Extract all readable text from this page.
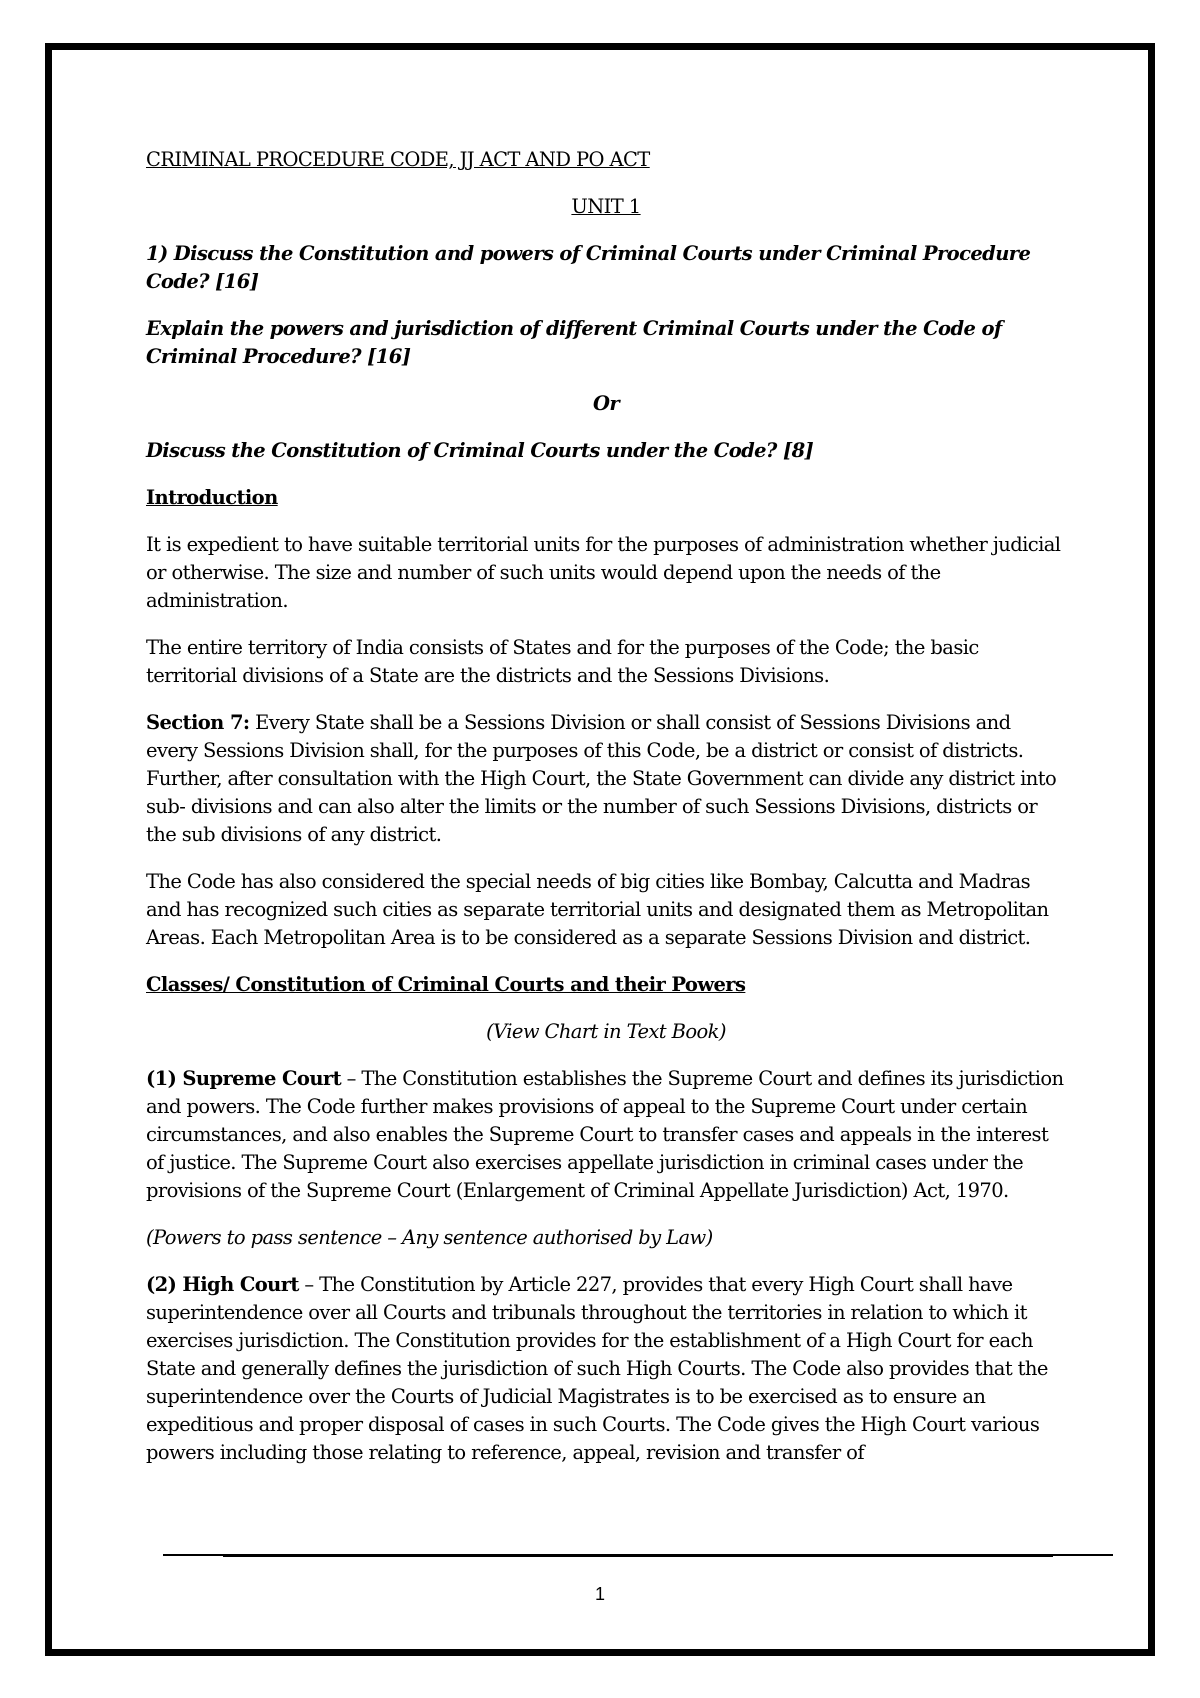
CRIMINAL PROCEDURE CODE, JJ ACT AND PO ACT

UNIT 1

1) Discuss the Constitution and powers of Criminal Courts under Criminal Procedure Code? [16]

Explain the powers and jurisdiction of different Criminal Courts under the Code of Criminal Procedure? [16]

Or

Discuss the Constitution of Criminal Courts under the Code? [8]

Introduction

It is expedient to have suitable territorial units for the purposes of administration whether judicial or otherwise. The size and number of such units would depend upon the needs of the administration.

The entire territory of India consists of States and for the purposes of the Code; the basic territorial divisions of a State are the districts and the Sessions Divisions.

Section 7: Every State shall be a Sessions Division or shall consist of Sessions Divisions and every Sessions Division shall, for the purposes of this Code, be a district or consist of districts. Further, after consultation with the High Court, the State Government can divide any district into sub- divisions and can also alter the limits or the number of such Sessions Divisions, districts or the sub divisions of any district.

The Code has also considered the special needs of big cities like Bombay, Calcutta and Madras and has recognized such cities as separate territorial units and designated them as Metropolitan Areas. Each Metropolitan Area is to be considered as a separate Sessions Division and district.

Classes/ Constitution of Criminal Courts and their Powers

(View Chart in Text Book)

(1) Supreme Court – The Constitution establishes the Supreme Court and defines its jurisdiction and powers. The Code further makes provisions of appeal to the Supreme Court under certain circumstances, and also enables the Supreme Court to transfer cases and appeals in the interest of justice. The Supreme Court also exercises appellate jurisdiction in criminal cases under the provisions of the Supreme Court (Enlargement of Criminal Appellate Jurisdiction) Act, 1970.

(Powers to pass sentence – Any sentence authorised by Law)

(2) High Court – The Constitution by Article 227, provides that every High Court shall have superintendence over all Courts and tribunals throughout the territories in relation to which it exercises jurisdiction. The Constitution provides for the establishment of a High Court for each State and generally defines the jurisdiction of such High Courts. The Code also provides that the superintendence over the Courts of Judicial Magistrates is to be exercised as to ensure an expeditious and proper disposal of cases in such Courts. The Code gives the High Court various powers including those relating to reference, appeal, revision and transfer of

1
